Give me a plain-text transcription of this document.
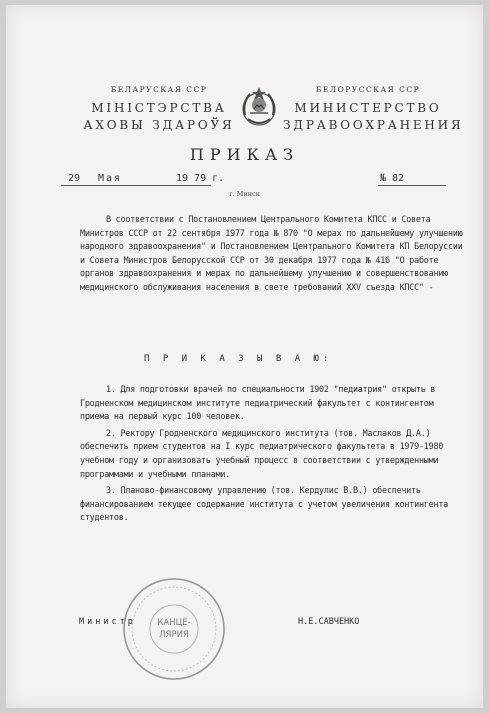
БЕЛАРУСКАЯ ССР
МІНІСТЭРСТВА
АХОВЫ ЗДАРОЎЯ
БЕЛОРУССКАЯ ССР
МИНИСТЕРСТВО
ЗДРАВООХРАНЕНИЯ
ПРИКАЗ
29 Мая	19 79 г.	№ 82
г. Минск

В соответствии с Постановлением Центрального Комитета КПСС и Совета Министров СССР от 22 сентября 1977 года № 870 "О мерах по дальнейшему улучшению народного здравоохранения" и Постановлением Центрального Комитета КП Белоруссии и Совета Министров Белорусской ССР от 30 декабря 1977 года № 416 "О работе органов здравоохранения и мерах по дальнейшему улучшению и совершенствованию медицинского обслуживания населения в свете требований XXV съезда КПСС" -

П Р И К А З Ы В А Ю:

1. Для подготовки врачей по специальности 1902 "педиатрия" открыть в Гродненском медицинском институте педиатрический факультет с контингентом приема на первый курс 100 человек.

2. Ректору Гродненского медицинского института (тов. Маслаков Д.А.) обеспечить прием студентов на I курс педиатрического факультета в 1979-1980 учебном году и организовать учебный процесс в соответствии с утвержденными программами и учебными планами.

3. Планово-финансовому управлению (тов. Кердулис В.В.) обеспечить финансированием текущее содержание института с учетом увеличения контингента студентов.

КАНЦЕ-
ЛЯРИЯ
Министр	Н.Е.САВЧЕНКО
